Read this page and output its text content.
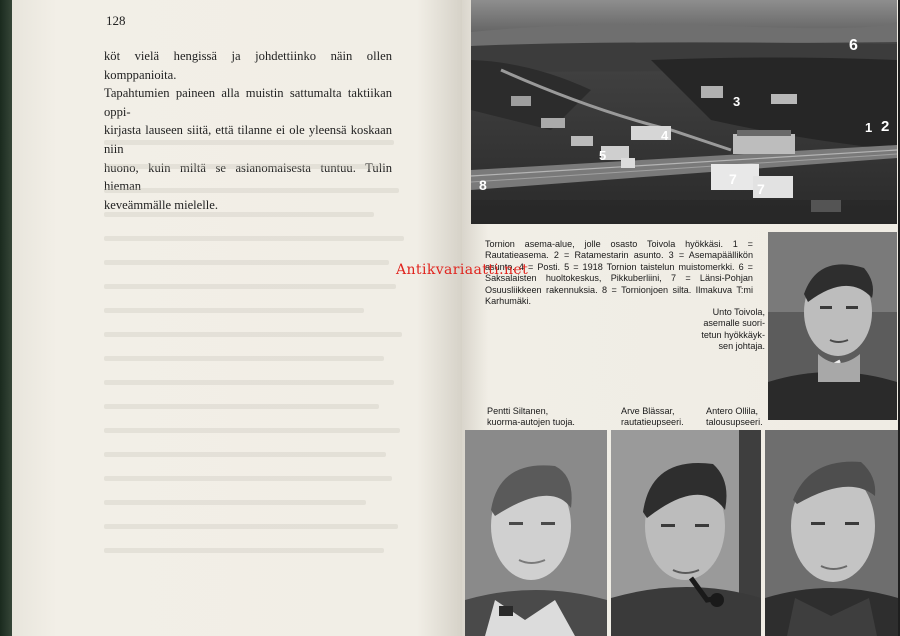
128

köt vielä hengissä ja johdettiinko näin ollen komppanioita.

Tapahtumien paineen alla muistin sattumalta taktiikan oppi-

kirjasta lauseen siitä, että tilanne ei ole yleensä koskaan niin

huono, kuin miltä se asianomaisesta tuntuu. Tulin hieman

keveämmälle mielelle.

2
3
4
5
6
7
7
8
1
Tornion asema-alue, jolle osasto Toivola hyökkäsi. 1 = Rautatieasema. 2 = Ratamestarin asunto. 3 = Asemapäällikön asunto. 4 = Posti. 5 = 1918 Tornion taistelun muistomerkki. 6 = Saksalaisten huoltokeskus, Pikkuberliini, 7 = Länsi-Pohjan Osuusliikkeen rakennuksia. 8 = Tornionjoen silta. Ilmakuva T:mi Karhumäki.
Unto Toivola,
asemalle suori-
tetun hyökkäyk-
sen johtaja.
Pentti Siltanen,
kuorma-autojen tuoja.
Arve Blässar,
rautatieupseeri.
Antero Ollila,
talousupseeri.
Antikvariaatti.net
